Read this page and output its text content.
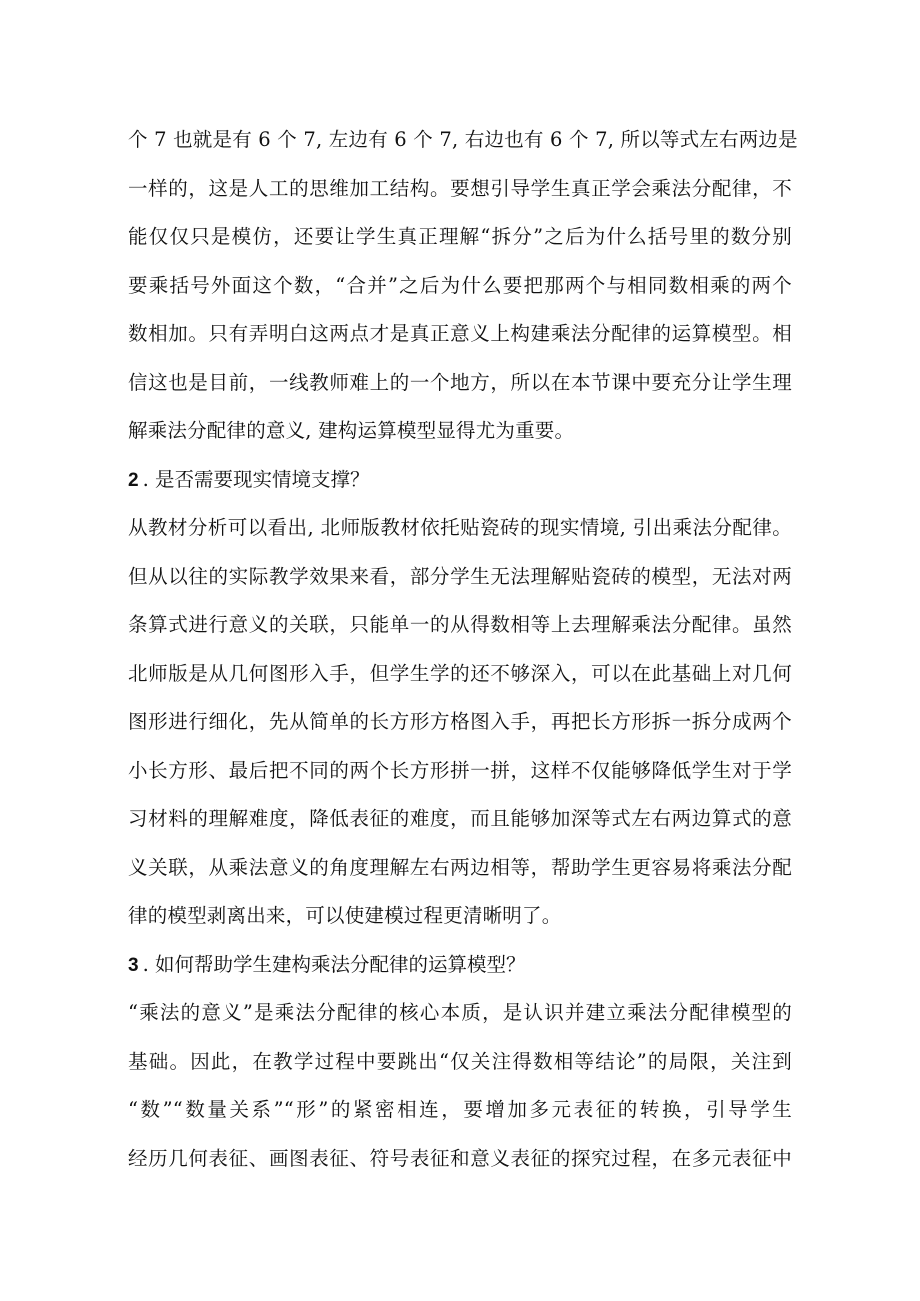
个 7 也就是有 6 个 7, 左边有 6 个 7, 右边也有 6 个 7, 所以等式左右两边是
一样的，这是人工的思维加工结构。要想引导学生真正学会乘法分配律，不
能仅仅只是模仿，还要让学生真正理解“拆分”之后为什么括号里的数分别
要乘括号外面这个数，“合并”之后为什么要把那两个与相同数相乘的两个
数相加。只有弄明白这两点才是真正意义上构建乘法分配律的运算模型。相
信这也是目前，一线教师难上的一个地方，所以在本节课中要充分让学生理
解乘法分配律的意义, 建构运算模型显得尤为重要。
2 . 是否需要现实情境支撑？
从教材分析可以看出, 北师版教材依托贴瓷砖的现实情境, 引出乘法分配律。
但从以往的实际教学效果来看，部分学生无法理解贴瓷砖的模型，无法对两
条算式进行意义的关联，只能单一的从得数相等上去理解乘法分配律。虽然
北师版是从几何图形入手，但学生学的还不够深入，可以在此基础上对几何
图形进行细化，先从简单的长方形方格图入手，再把长方形拆一拆分成两个
小长方形、最后把不同的两个长方形拼一拼，这样不仅能够降低学生对于学
习材料的理解难度，降低表征的难度，而且能够加深等式左右两边算式的意
义关联，从乘法意义的角度理解左右两边相等，帮助学生更容易将乘法分配
律的模型剥离出来，可以使建模过程更清晰明了。
3 . 如何帮助学生建构乘法分配律的运算模型？
“乘法的意义”是乘法分配律的核心本质，是认识并建立乘法分配律模型的
基础。因此，在教学过程中要跳出“仅关注得数相等结论”的局限，关注到
“数”“数量关系”“形”的紧密相连，要增加多元表征的转换，引导学生
经历几何表征、画图表征、符号表征和意义表征的探究过程，在多元表征中
